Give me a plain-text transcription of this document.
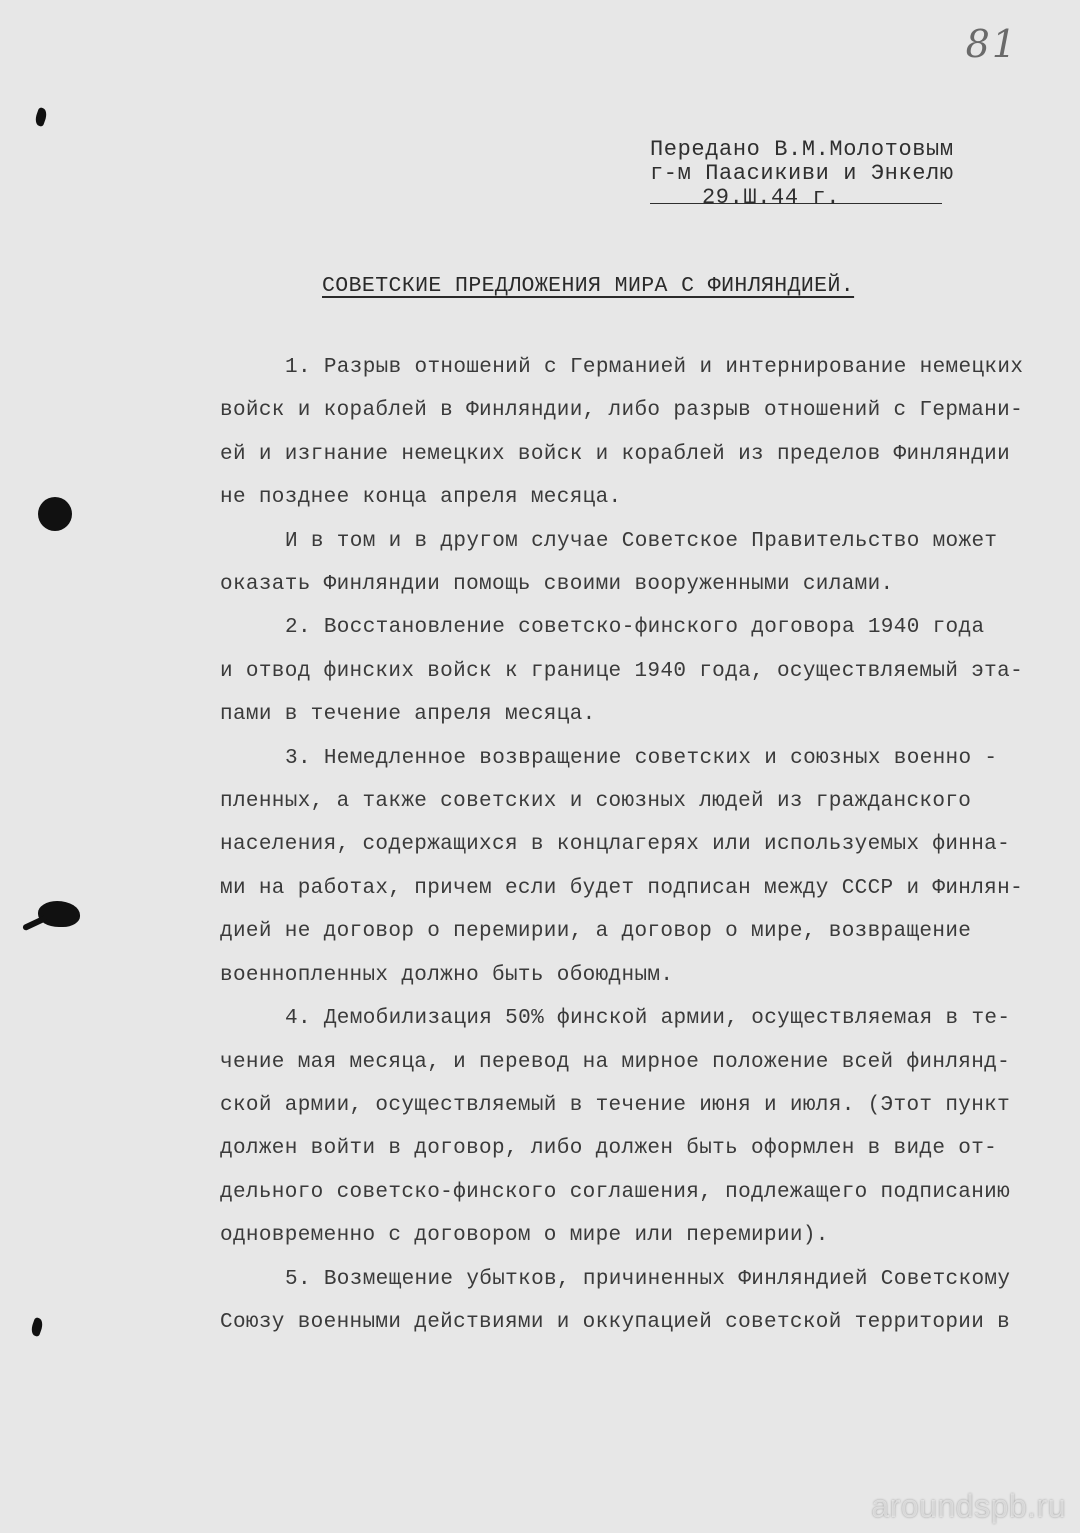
81
Передано В.М.Молотовым
г-м Паасикиви и Энкелю
29.Ш.44 г.
СОВЕТСКИЕ ПРЕДЛОЖЕНИЯ МИРА С ФИНЛЯНДИЕЙ.

1. Разрыв отношений с Германией и интернирование немецких

войск и кораблей в Финляндии, либо разрыв отношений с Германи-

ей и изгнание немецких войск и кораблей из пределов Финляндии

не позднее конца апреля месяца.

И в том и в другом случае Советское Правительство может

оказать Финляндии помощь своими вооруженными силами.

2. Восстановление советско-финского договора 1940 года

и отвод финских войск к границе 1940 года, осуществляемый эта-

пами в течение апреля месяца.

3. Немедленное возвращение советских и союзных военно -

пленных, а также советских и союзных людей из гражданского

населения, содержащихся в концлагерях или используемых финна-

ми на работах, причем если будет подписан между СССР и Финлян-

дией не договор о перемирии, а договор о мире, возвращение

военнопленных должно быть обоюдным.

4. Демобилизация 50% финской армии, осуществляемая в те-

чение мая месяца, и перевод на мирное положение всей финлянд-

ской армии, осуществляемый в течение июня и июля. (Этот пункт

должен войти в договор, либо должен быть оформлен в виде от-

дельного советско-финского соглашения, подлежащего подписанию

одновременно с договором о мире или перемирии).

5. Возмещение убытков, причиненных Финляндией Советскому

Союзу военными действиями и оккупацией советской территории в

aroundspb.ru
